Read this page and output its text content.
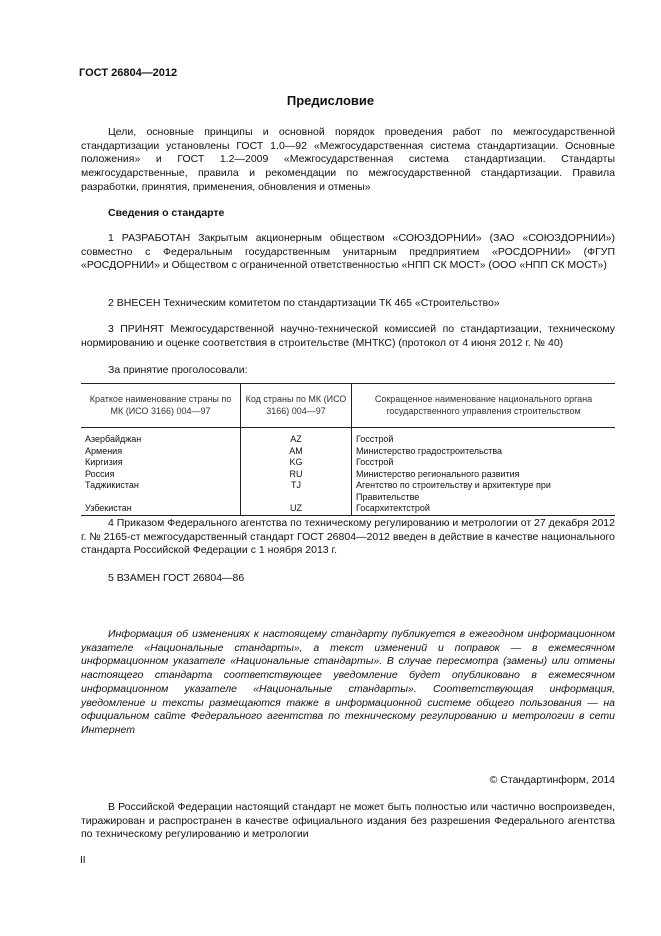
ГОСТ 26804—2012
Предисловие
Цели, основные принципы и основной порядок проведения работ по межгосударственной стандартизации установлены ГОСТ 1.0—92 «Межгосударственная система стандартизации. Основные положения» и ГОСТ 1.2—2009 «Межгосударственная система стандартизации. Стандарты межгосударственные, правила и рекомендации по межгосударственной стандартизации. Правила разработки, принятия, применения, обновления и отмены»
Сведения о стандарте
1 РАЗРАБОТАН Закрытым акционерным обществом «СОЮЗДОРНИИ» (ЗАО «СОЮЗДОРНИИ») совместно с Федеральным государственным унитарным предприятием «РОСДОРНИИ» (ФГУП «РОСДОРНИИ» и Обществом с ограниченной ответственностью «НПП СК МОСТ» (ООО «НПП СК МОСТ»)
2 ВНЕСЕН Техническим комитетом по стандартизации ТК 465 «Строительство»
3 ПРИНЯТ Межгосударственной научно-технической комиссией по стандартизации, техническому нормированию и оценке соответствия в строительстве (МНТКС) (протокол от 4 июня 2012 г. № 40)
За принятие проголосовали:
Краткое наименование страны по МК (ИСО 3166) 004—97	Код страны по МК (ИСО 3166) 004—97	Сокращенное наименование национального органа государственного управления строительством
Азербайджан	AZ	Госстрой
Армения	AM	Министерство градостроительства
Киргизия	KG	Госстрой
Россия	RU	Министерство регионального развития
Таджикистан	TJ	Агентство по строительству и архитектуре при Правительстве
Узбекистан	UZ	Госархитектстрой
4 Приказом Федерального агентства по техническому регулированию и метрологии от 27 декабря 2012 г. № 2165-ст межгосударственный стандарт ГОСТ 26804—2012 введен в действие в качестве национального стандарта Российской Федерации с 1 ноября 2013 г.
5 ВЗАМЕН ГОСТ 26804—86
Информация об изменениях к настоящему стандарту публикуется в ежегодном информационном указателе «Национальные стандарты», а текст изменений и поправок — в ежемесячном информационном указателе «Национальные стандарты». В случае пересмотра (замены) или отмены настоящего стандарта соответствующее уведомление будет опубликовано в ежемесячном информационном указателе «Национальные стандарты». Соответствующая информация, уведомление и тексты размещаются также в информационной системе общего пользования — на официальном сайте Федерального агентства по техническому регулированию и метрологии в сети Интернет
© Стандартинформ, 2014
В Российской Федерации настоящий стандарт не может быть полностью или частично воспроизведен, тиражирован и распространен в качестве официального издания без разрешения Федерального агентства по техническому регулированию и метрологии
II
